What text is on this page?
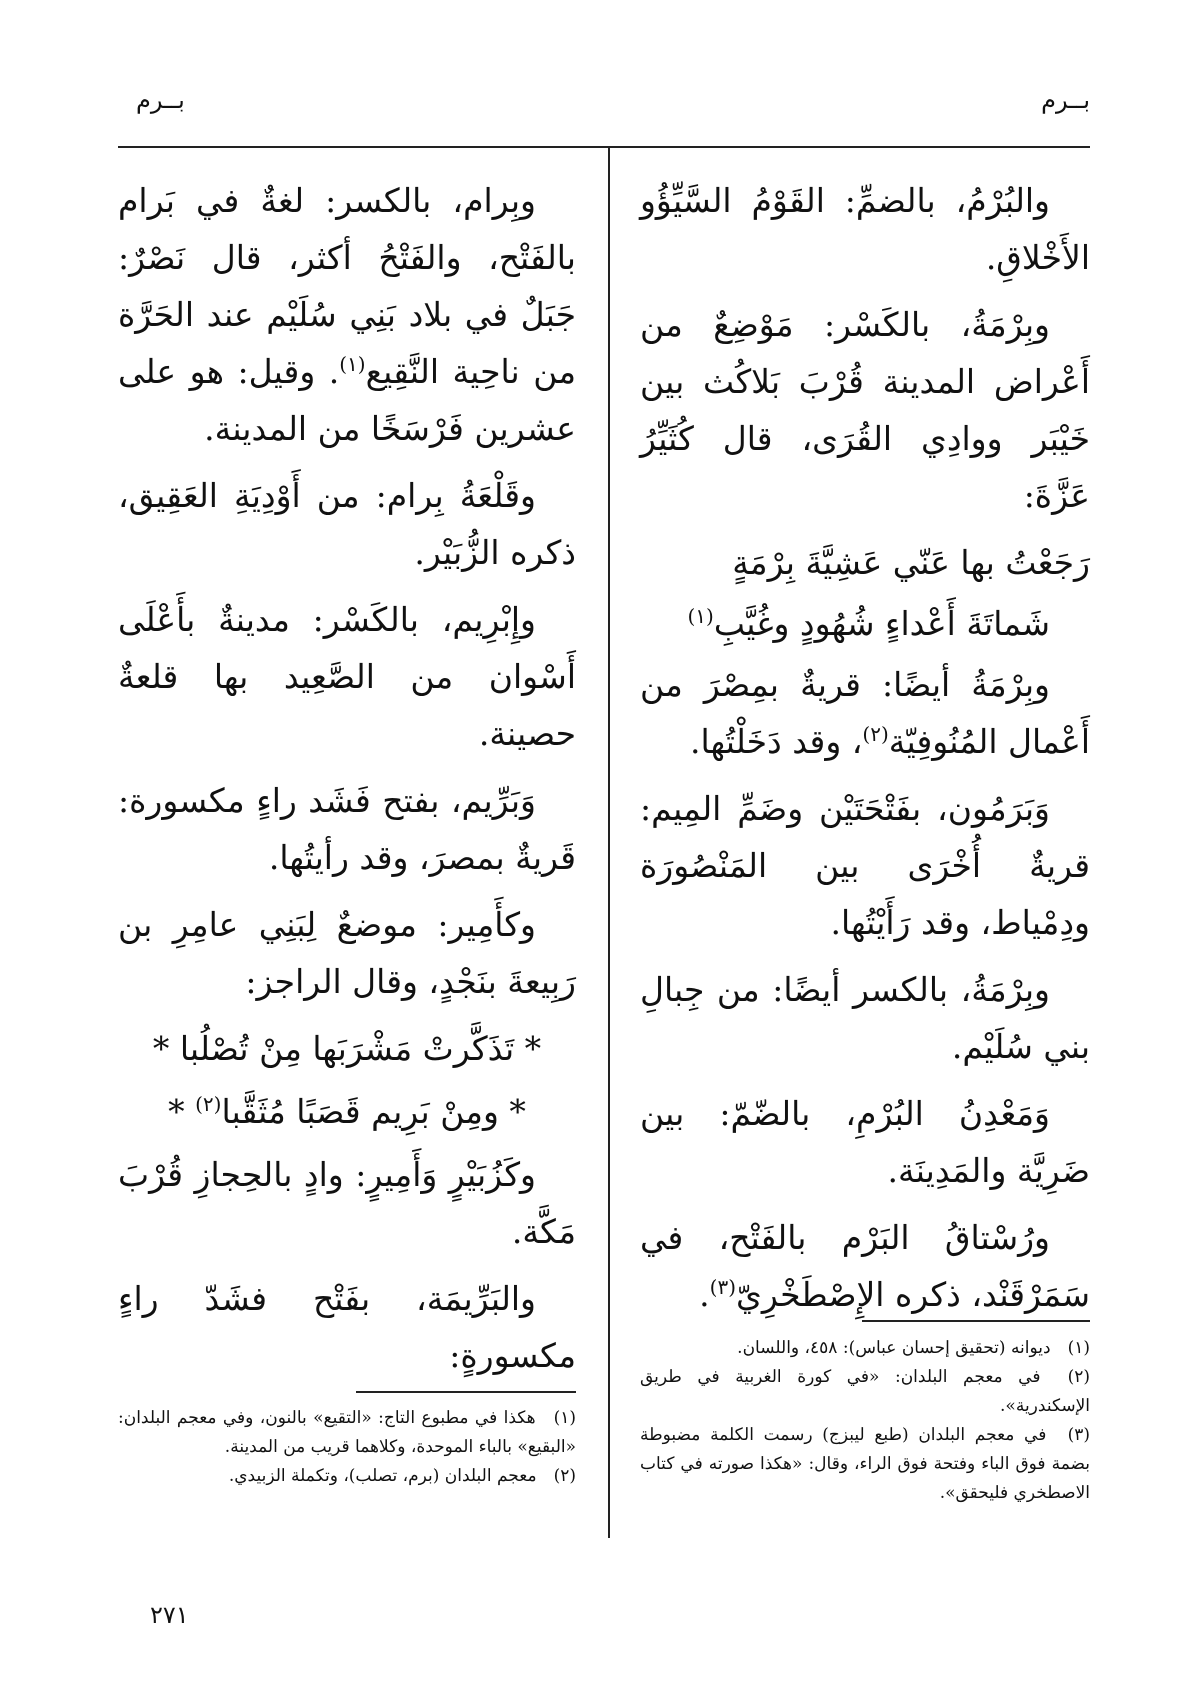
بــرم
بــرم

والبُرْمُ، بالضمِّ: القَوْمُ السَّيِّؤُو الأَخْلاقِ.

وبِرْمَةُ، بالكَسْر: مَوْضِعٌ من أَعْراض المدينة قُرْبَ بَلاكُث بين خَيْبَر ووادِي القُرَى، قال كُثَيِّرُ عَزَّةَ:

رَجَعْتُ بها عَنّي عَشِيَّةَ بِرْمَةٍ

شَماتَةَ أَعْداءٍ شُهُودٍ وغُيَّبِ$^{(١)}$

وبِرْمَةُ أيضًا: قريةٌ بمِصْرَ من أَعْمال المُنُوفِيّة$^{(٢)}$، وقد دَخَلْتُها.

وَبَرَمُون، بفَتْحَتَيْن وضَمِّ المِيم: قريةٌ أُخْرَى بين المَنْصُورَة ودِمْياط، وقد رَأَيْتُها.

وبِرْمَةُ، بالكسر أيضًا: من جِبالِ بني سُلَيْم.

وَمَعْدِنُ البُرْمِ، بالضّمّ: بين ضَرِيَّة والمَدِينَة.

ورُسْتاقُ البَرْم بالفَتْح، في سَمَرْقَنْد، ذكره الإِصْطَخْرِيّ$^{(٣)}$.

وبِرام، بالكسر: لغةٌ في بَرام بالفَتْح، والفَتْحُ أكثر، قال نَصْرٌ: جَبَلٌ في بلاد بَنِي سُلَيْم عند الحَرَّة من ناحِية النَّقِيع$^{(١)}$. وقيل: هو على عشرين فَرْسَخًا من المدينة.

وقَلْعَةُ بِرام: من أَوْدِيَةِ العَقِيق، ذكره الزُّبَيْر.

وإِبْرِيم، بالكَسْر: مدينةٌ بأَعْلَى أَسْوان من الصَّعِيد بها قلعةٌ حصينة.

وَبَرِّيم، بفتح فَشَد راءٍ مكسورة: قَريةٌ بمصرَ، وقد رأيتُها.

وكأَمِير: موضعٌ لِبَنِي عامِرِ بن رَبِيعةَ بنَجْدٍ، وقال الراجز:

* تَذَكَّرتْ مَشْرَبَها مِنْ تُصْلُبا *

* ومِنْ بَرِيم قَصَبًا مُثَقَّبا$^{(٢)}$ *

وكَزُبَيْرٍ وَأَمِيرٍ: وادٍ بالحِجازِ قُرْبَ مَكَّة.

والبَرِّيمَة، بفَتْح فشَدّ راءٍ مكسورةٍ:	(١) ديوانه (تحقيق إحسان عباس): ٤٥٨، واللسان.
(٢) في معجم البلدان: «في كورة الغربية في طريق الإسكندرية».
(٣) في معجم البلدان (طبع ليبزج) رسمت الكلمة مضبوطة بضمة فوق الباء وفتحة فوق الراء، وقال: «هكذا صورته في كتاب الاصطخري فليحقق».
(١) هكذا في مطبوع التاج: «التقيع» بالنون، وفي معجم البلدان: «البقيع» بالباء الموحدة، وكلاهما قريب من المدينة.
(٢) معجم البلدان (برم، تصلب)، وتكملة الزبيدي.
٢٧١
